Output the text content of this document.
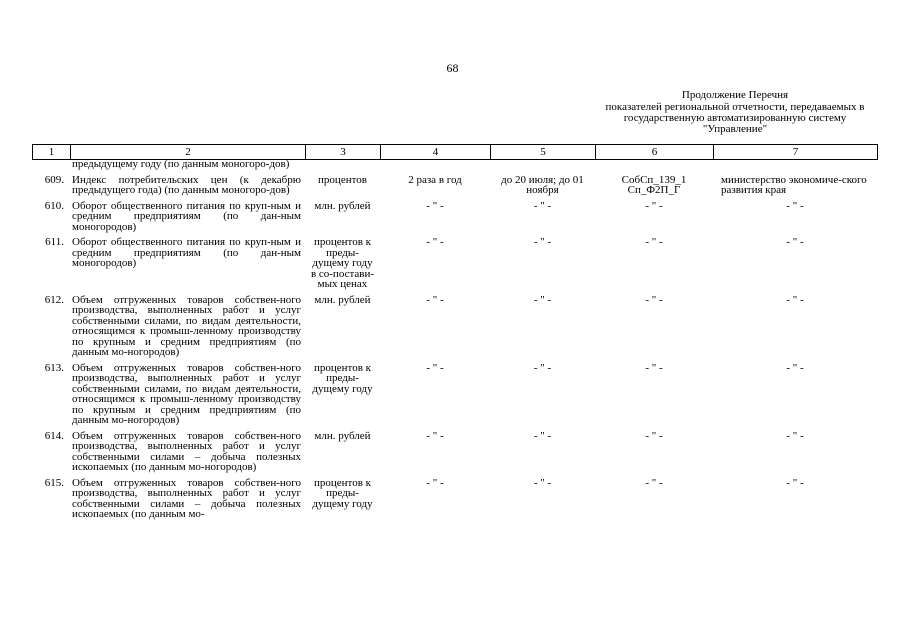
68
Продолжение Перечня
показателей региональной отчетности, передаваемых в государственную автоматизированную систему "Управление"
1	2	3	4	5	6	7
	предыдущему году (по данным моногоро-дов)					
609.	Индекс потребительских цен (к декабрю предыдущего года) (по данным моногоро-дов)	процентов	2 раза в год	до 20 июля; до 01 ноября	СобСп_139_1 Сп_Ф2П_Г	министерство экономиче-ского развития края
610.	Оборот общественного питания по круп-ным и средним предприятиям (по дан-ным моногородов)	млн. рублей	- " -	- " -	- " -	- " -
611.	Оборот общественного питания по круп-ным и средним предприятиям (по дан-ным моногородов)	процентов к преды-дущему году в со-постави-мых ценах	- " -	- " -	- " -	- " -
612.	Объем отгруженных товаров собствен-ного производства, выполненных работ и услуг собственными силами, по видам деятельности, относящимся к промыш-ленному производству по крупным и средним предприятиям (по данным мо-ногородов)	млн. рублей	- " -	- " -	- " -	- " -
613.	Объем отгруженных товаров собствен-ного производства, выполненных работ и услуг собственными силами, по видам деятельности, относящимся к промыш-ленному производству по крупным и средним предприятиям (по данным мо-ногородов)	процентов к преды-дущему году	- " -	- " -	- " -	- " -
614.	Объем отгруженных товаров собствен-ного производства, выполненных работ и услуг собственными силами – добыча полезных ископаемых (по данным мо-ногородов)	млн. рублей	- " -	- " -	- " -	- " -
615.	Объем отгруженных товаров собствен-ного производства, выполненных работ и услуг собственными силами – добыча полезных ископаемых (по данным мо-	процентов к преды-дущему году	- " -	- " -	- " -	- " -
